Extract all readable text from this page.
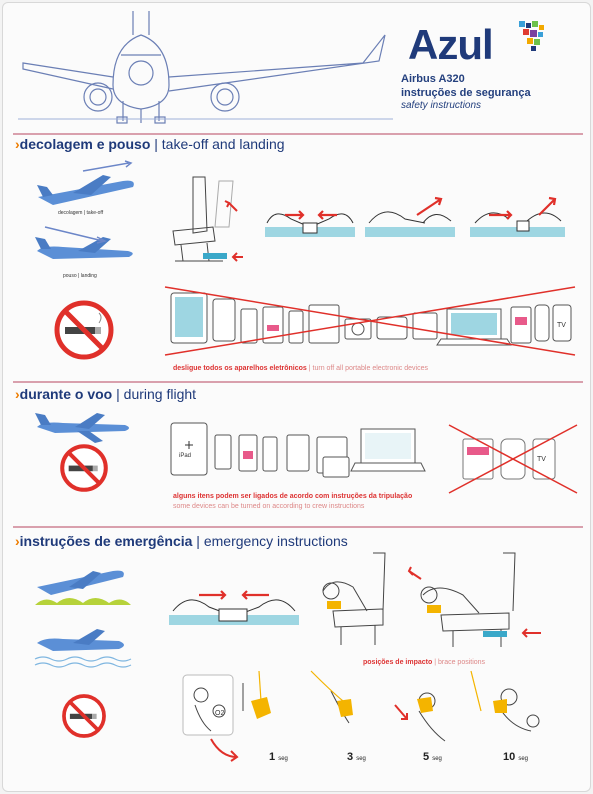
Azul
Airbus A320
instruções de segurança
safety instructions
›decolagem e pouso | take-off and landing
decolagem | take-off
pouso | landing
TV
desligue todos os aparelhos eletrônicos | turn off all portable electronic devices
›durante o voo | during flight
iPad	TV
alguns itens podem ser ligados de acordo com instruções da tripulação
some devices can be turned on according to crew instructions
›instruções de emergência | emergency instructions
posições de impacto | brace positions
O2
1 seg	3 seg	5 seg	10 seg
